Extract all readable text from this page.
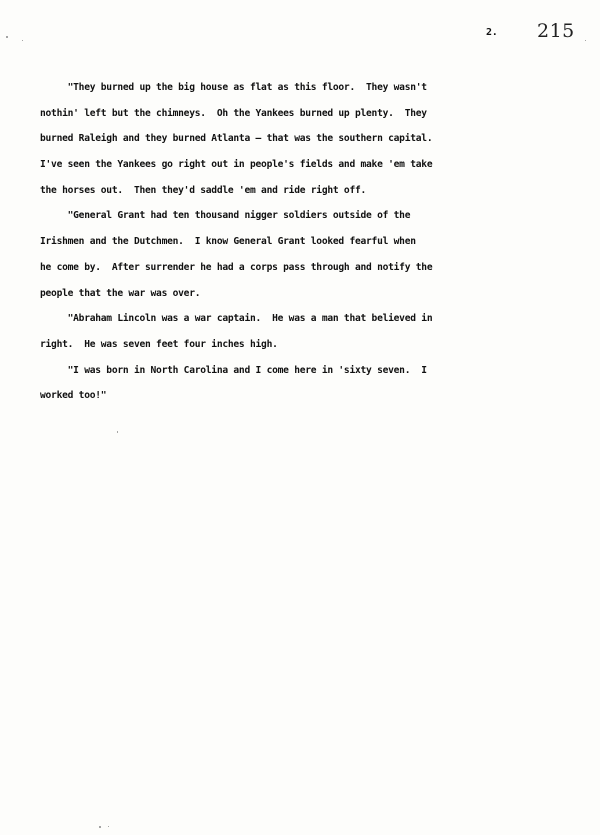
2. 215
"They burned up the big house as flat as this floor.  They wasn't
nothin' left but the chimneys.  Oh the Yankees burned up plenty.  They
burned Raleigh and they burned Atlanta — that was the southern capital.
I've seen the Yankees go right out in people's fields and make 'em take
the horses out.  Then they'd saddle 'em and ride right off.
"General Grant had ten thousand nigger soldiers outside of the
Irishmen and the Dutchmen.  I know General Grant looked fearful when
he come by.  After surrender he had a corps pass through and notify the
people that the war was over.
"Abraham Lincoln was a war captain.  He was a man that believed in
right.  He was seven feet four inches high.
"I was born in North Carolina and I come here in 'sixty seven.  I
worked too!"
